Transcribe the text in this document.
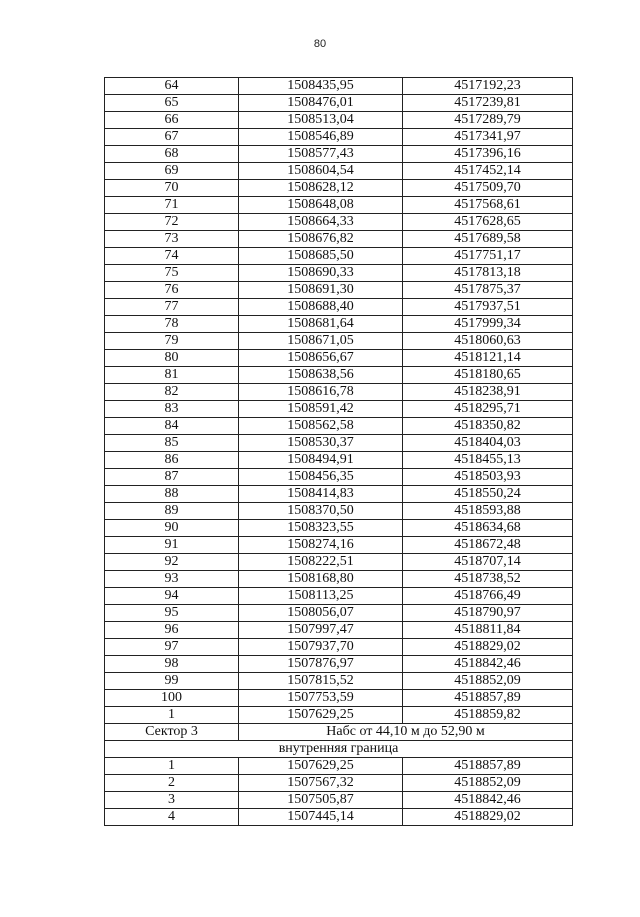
80
64	1508435,95	4517192,23
65	1508476,01	4517239,81
66	1508513,04	4517289,79
67	1508546,89	4517341,97
68	1508577,43	4517396,16
69	1508604,54	4517452,14
70	1508628,12	4517509,70
71	1508648,08	4517568,61
72	1508664,33	4517628,65
73	1508676,82	4517689,58
74	1508685,50	4517751,17
75	1508690,33	4517813,18
76	1508691,30	4517875,37
77	1508688,40	4517937,51
78	1508681,64	4517999,34
79	1508671,05	4518060,63
80	1508656,67	4518121,14
81	1508638,56	4518180,65
82	1508616,78	4518238,91
83	1508591,42	4518295,71
84	1508562,58	4518350,82
85	1508530,37	4518404,03
86	1508494,91	4518455,13
87	1508456,35	4518503,93
88	1508414,83	4518550,24
89	1508370,50	4518593,88
90	1508323,55	4518634,68
91	1508274,16	4518672,48
92	1508222,51	4518707,14
93	1508168,80	4518738,52
94	1508113,25	4518766,49
95	1508056,07	4518790,97
96	1507997,47	4518811,84
97	1507937,70	4518829,02
98	1507876,97	4518842,46
99	1507815,52	4518852,09
100	1507753,59	4518857,89
1	1507629,25	4518859,82
Сектор 3	Набс от 44,10 м до 52,90 м	
внутренняя граница		
1	1507629,25	4518857,89
2	1507567,32	4518852,09
3	1507505,87	4518842,46
4	1507445,14	4518829,02
